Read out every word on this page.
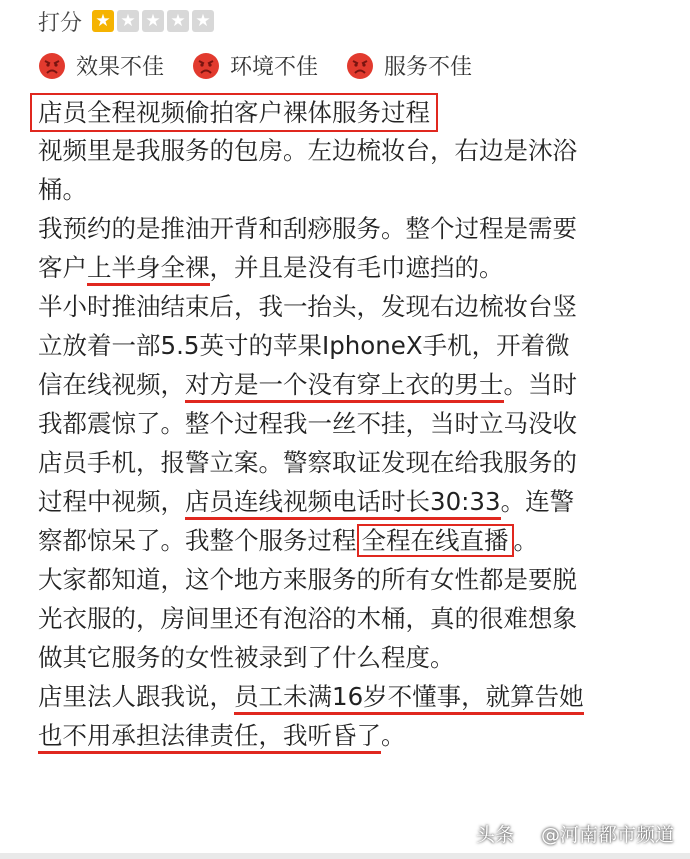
打分 ★ ★ ★ ★ ★
效果不佳	环境不佳	服务不佳
店员全程视频偷拍客户裸体服务过程
视频里是我服务的包房。左边梳妆台，右边是沐浴
桶。
我预约的是推油开背和刮痧服务。整个过程是需要
客户上半身全裸，并且是没有毛巾遮挡的。
半小时推油结束后，我一抬头，发现右边梳妆台竖
立放着一部5.5英寸的苹果IphoneX手机，开着微
信在线视频，对方是一个没有穿上衣的男士。当时
我都震惊了。整个过程我一丝不挂，当时立马没收
店员手机，报警立案。警察取证发现在给我服务的
过程中视频，店员连线视频电话时长30:33。连警
察都惊呆了。我整个服务过程 全程在线直播 。
大家都知道，这个地方来服务的所有女性都是要脱
光衣服的，房间里还有泡浴的木桶，真的很难想象
做其它服务的女性被录到了什么程度。
店里法人跟我说，员工未满16岁不懂事，就算告她
也不用承担法律责任，我听昏了。
头条 @河南都市频道
